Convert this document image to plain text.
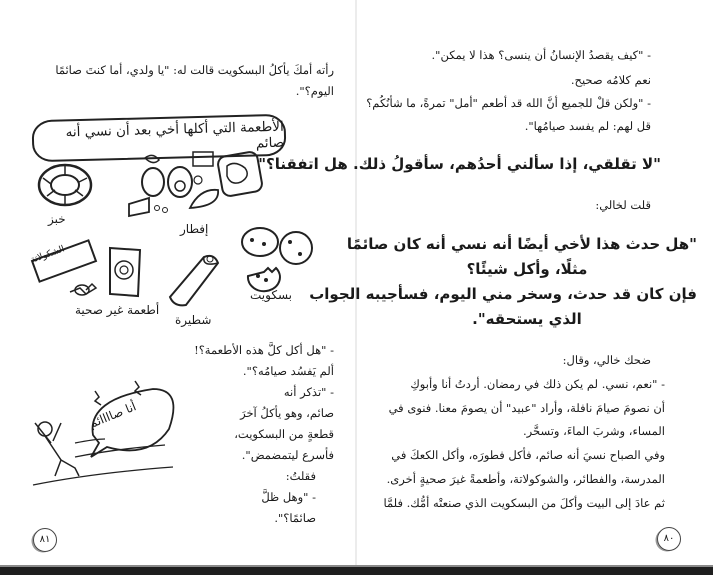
رأته أمكَ يأكلُ البسكويت قالت له: "يا ولدي، أما كنتَ صائمًا
اليوم؟".
الأطعمة التي أكلها أخي بعد أن نسي أنه صائم
خبز
إفطار
بسكويت
شطيرة
الشكولاتة
أطعمة غير صحية
- "هل أكل كلَّ هذه الأطعمة؟!
ألم يَفسُد صيامُه؟".
- "تذكر أنه
صائم، وهو يأكلُ آخرَ
قطعةٍ من البسكويت،
فأسرع ليتمضمض".
فقلتُ:
- "وهل ظلَّ
صائمًا؟".
أنا صاااائم
٨١
- "كيف يقصدُ الإنسانُ أن ينسى؟ هذا لا يمكن".
نعم كلامُه صحيح.
- "ولكن قلْ للجميع أنَّ الله قد أطعم "أمل" تمرةً، ما شأنُكُم؟
قل لهم: لم يفسد صيامُها".
"لا تقلقي، إذا سألني أحدُهم، سأقولُ ذلك. هل اتفقنا؟"
قلت لخالي:
"هل حدث هذا لأخي أيضًا أنه نسي أنه كان صائمًا
مثلًا، وأكل شيئًا؟
فإن كان قد حدث، وسخر مني اليوم، فسأجيبه الجواب
الذي يستحقه".
ضحك خالي، وقال:
- "نعم، نسي. لم يكن ذلك في رمضان. أردتُ أنا وأبوكِ
أن نصومَ صيامَ نافلة، وأراد "عبيد" أن يصومَ معنا. فنوى في
المساء، وشربَ الماءَ، وتسحَّر.
وفي الصباح نسيَ أنه صائم، فأكل فطورَه، وأكل الكعكَ في
المدرسة، والفطائر، والشوكولاتة، وأطعمةً غيرَ صحيةٍ أخرى.
ثم عادَ إلى البيت وأكلَ من البسكويت الذي صنعتْه أمُّك. فلمَّا
٨٠
